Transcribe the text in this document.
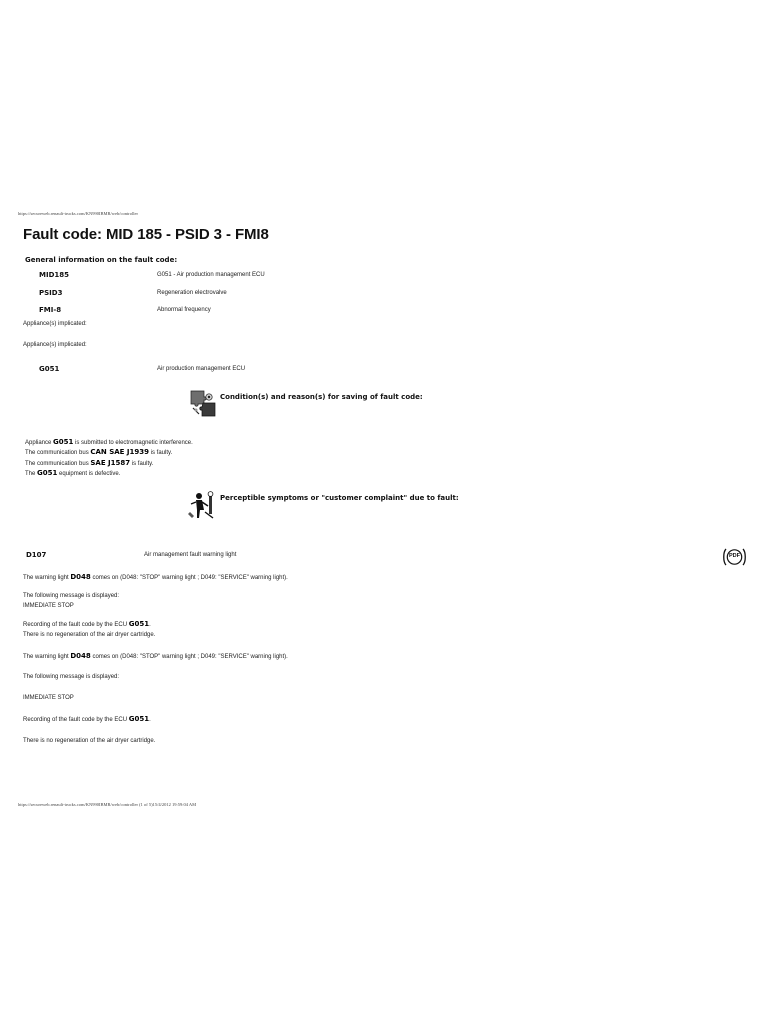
https://secureweb.renault-trucks.com/KN990IBMR/web/controller
Fault code: MID 185 - PSID 3 - FMI8
General information on the fault code:
MID185	G051 - Air production management ECU
PSID3	Regeneration electrovalve
FMI-8	Abnormal frequency
Appliance(s) implicated:
Appliance(s) implicated:
G051	Air production management ECU
Condition(s) and reason(s) for saving of fault code:
Appliance G051 is submitted to electromagnetic interference.
The communication bus CAN SAE J1939 is faulty.
The communication bus SAE J1587 is faulty.
The G051 equipment is defective.
Perceptible symptoms or "customer complaint" due to fault:
D107	Air management fault warning light	PDF
The warning light D048 comes on (D048: "STOP" warning light ; D049: "SERVICE" warning light).
The following message is displayed:
IMMEDIATE STOP
Recording of the fault code by the ECU G051.
There is no regeneration of the air dryer cartridge.
The warning light D048 comes on (D048: "STOP" warning light ; D049: "SERVICE" warning light).
The following message is displayed:
IMMEDIATE STOP
Recording of the fault code by the ECU G051.
There is no regeneration of the air dryer cartridge.
https://secureweb.renault-trucks.com/KN990IBMR/web/controller (1 of 5)15/4/2012 19:59:04 AM
